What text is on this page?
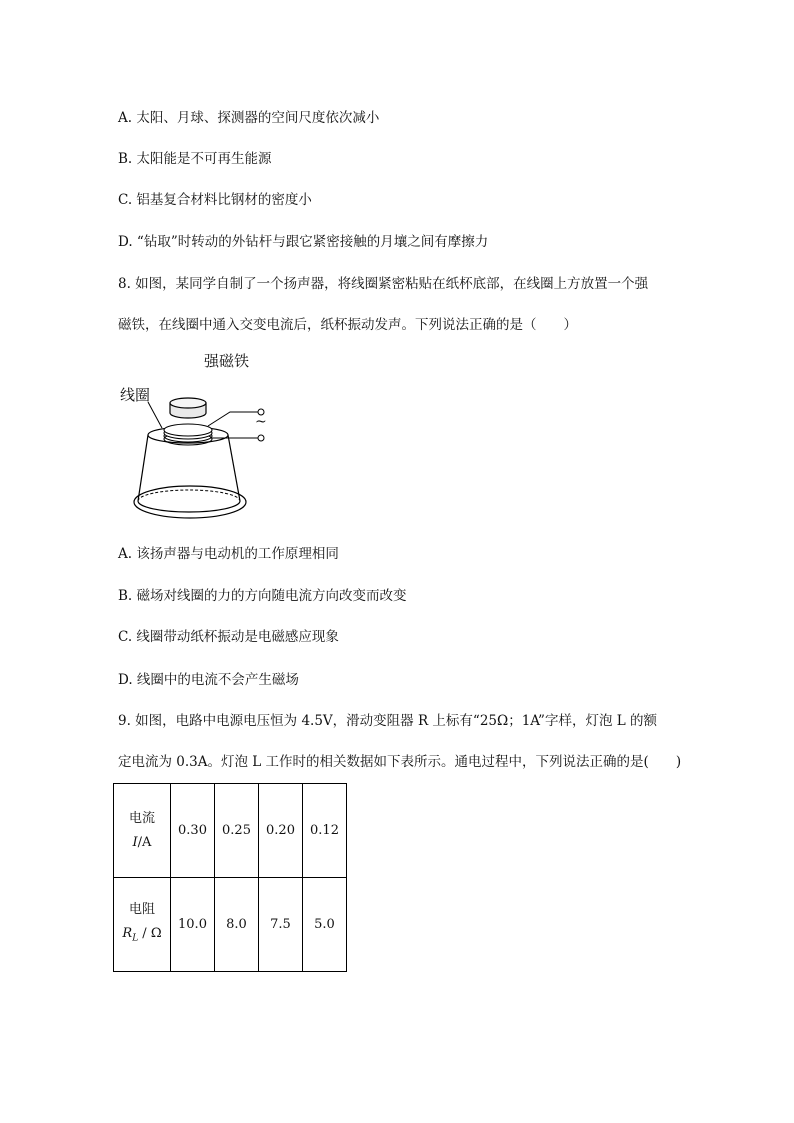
A. 太阳、月球、探测器的空间尺度依次减小
B. 太阳能是不可再生能源
C. 铝基复合材料比钢材的密度小
D. “钻取”时转动的外钻杆与跟它紧密接触的月壤之间有摩擦力
8. 如图，某同学自制了一个扬声器，将线圈紧密粘贴在纸杯底部，在线圈上方放置一个强
磁铁，在线圈中通入交变电流后，纸杯振动发声。下列说法正确的是（　　）
强磁铁
线圈
~
A. 该扬声器与电动机的工作原理相同
B. 磁场对线圈的力的方向随电流方向改变而改变
C. 线圈带动纸杯振动是电磁感应现象
D. 线圈中的电流不会产生磁场
9. 如图，电路中电源电压恒为 4.5V，滑动变阻器 R 上标有“25Ω；1A”字样，灯泡 L 的额
定电流为 0.3A。灯泡 L 工作时的相关数据如下表所示。通电过程中，下列说法正确的是(　　)
电流
I/A	0.30	0.25	0.20	0.12

电阻
$R_L$ / Ω	10.0	8.0	7.5	5.0
